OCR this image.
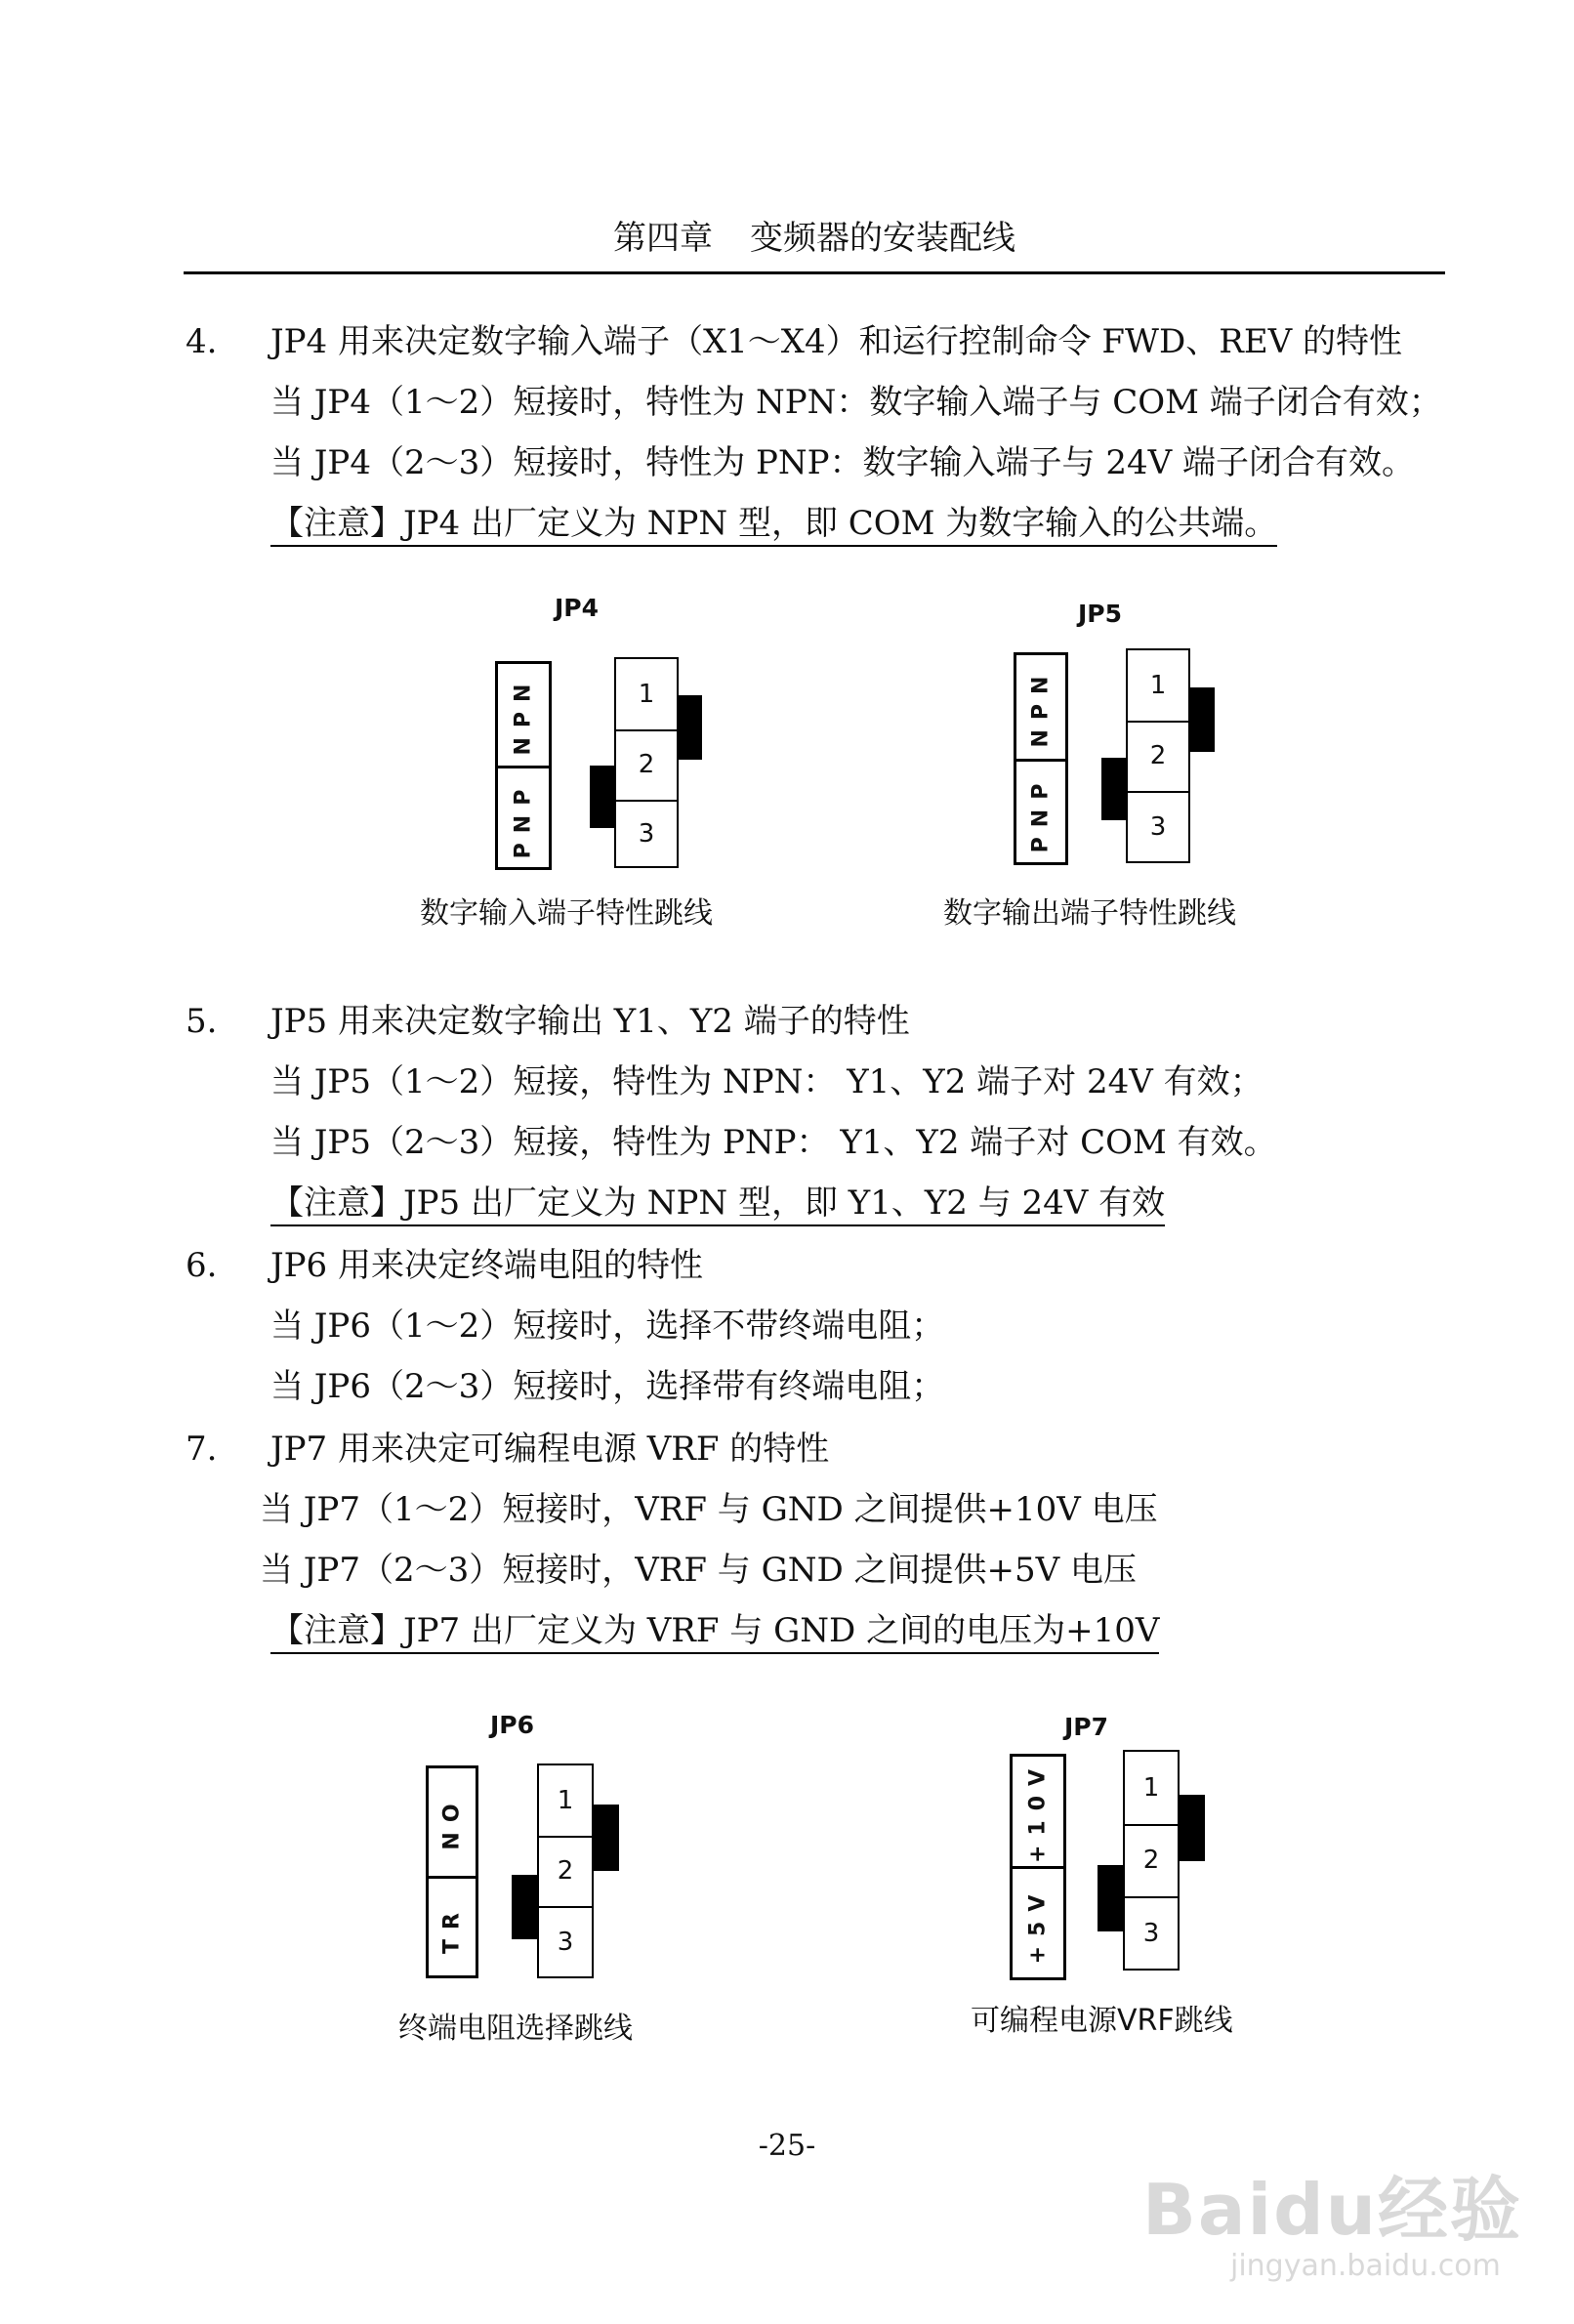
第四章 变频器的安装配线
4. JP4 用来决定数字输入端子（X1～X4）和运行控制命令 FWD、REV 的特性
当 JP4（1～2）短接时，特性为 NPN：数字输入端子与 COM 端子闭合有效；
当 JP4（2～3）短接时，特性为 PNP：数字输入端子与 24V 端子闭合有效。
【注意】JP4 出厂定义为 NPN 型，即 COM 为数字输入的公共端。
JP4
NPN
PNP
1
2
3
数字输入端子特性跳线
JP5
NPN
PNP
1
2
3
数字输出端子特性跳线
5. JP5 用来决定数字输出 Y1、Y2 端子的特性
当 JP5（1～2）短接，特性为 NPN： Y1、Y2 端子对 24V 有效；
当 JP5（2～3）短接，特性为 PNP： Y1、Y2 端子对 COM 有效。
【注意】JP5 出厂定义为 NPN 型，即 Y1、Y2 与 24V 有效
6. JP6 用来决定终端电阻的特性
当 JP6（1～2）短接时，选择不带终端电阻；
当 JP6（2～3）短接时，选择带有终端电阻；
7. JP7 用来决定可编程电源 VRF 的特性
当 JP7（1～2）短接时，VRF 与 GND 之间提供+10V 电压
当 JP7（2～3）短接时，VRF 与 GND 之间提供+5V 电压
【注意】JP7 出厂定义为 VRF 与 GND 之间的电压为+10V
JP6
NO
TR
1
2
3
终端电阻选择跳线
JP7
+10V
+5V
1
2
3
可编程电源VRF跳线
-25-
Baidu经验
jingyan.baidu.com
